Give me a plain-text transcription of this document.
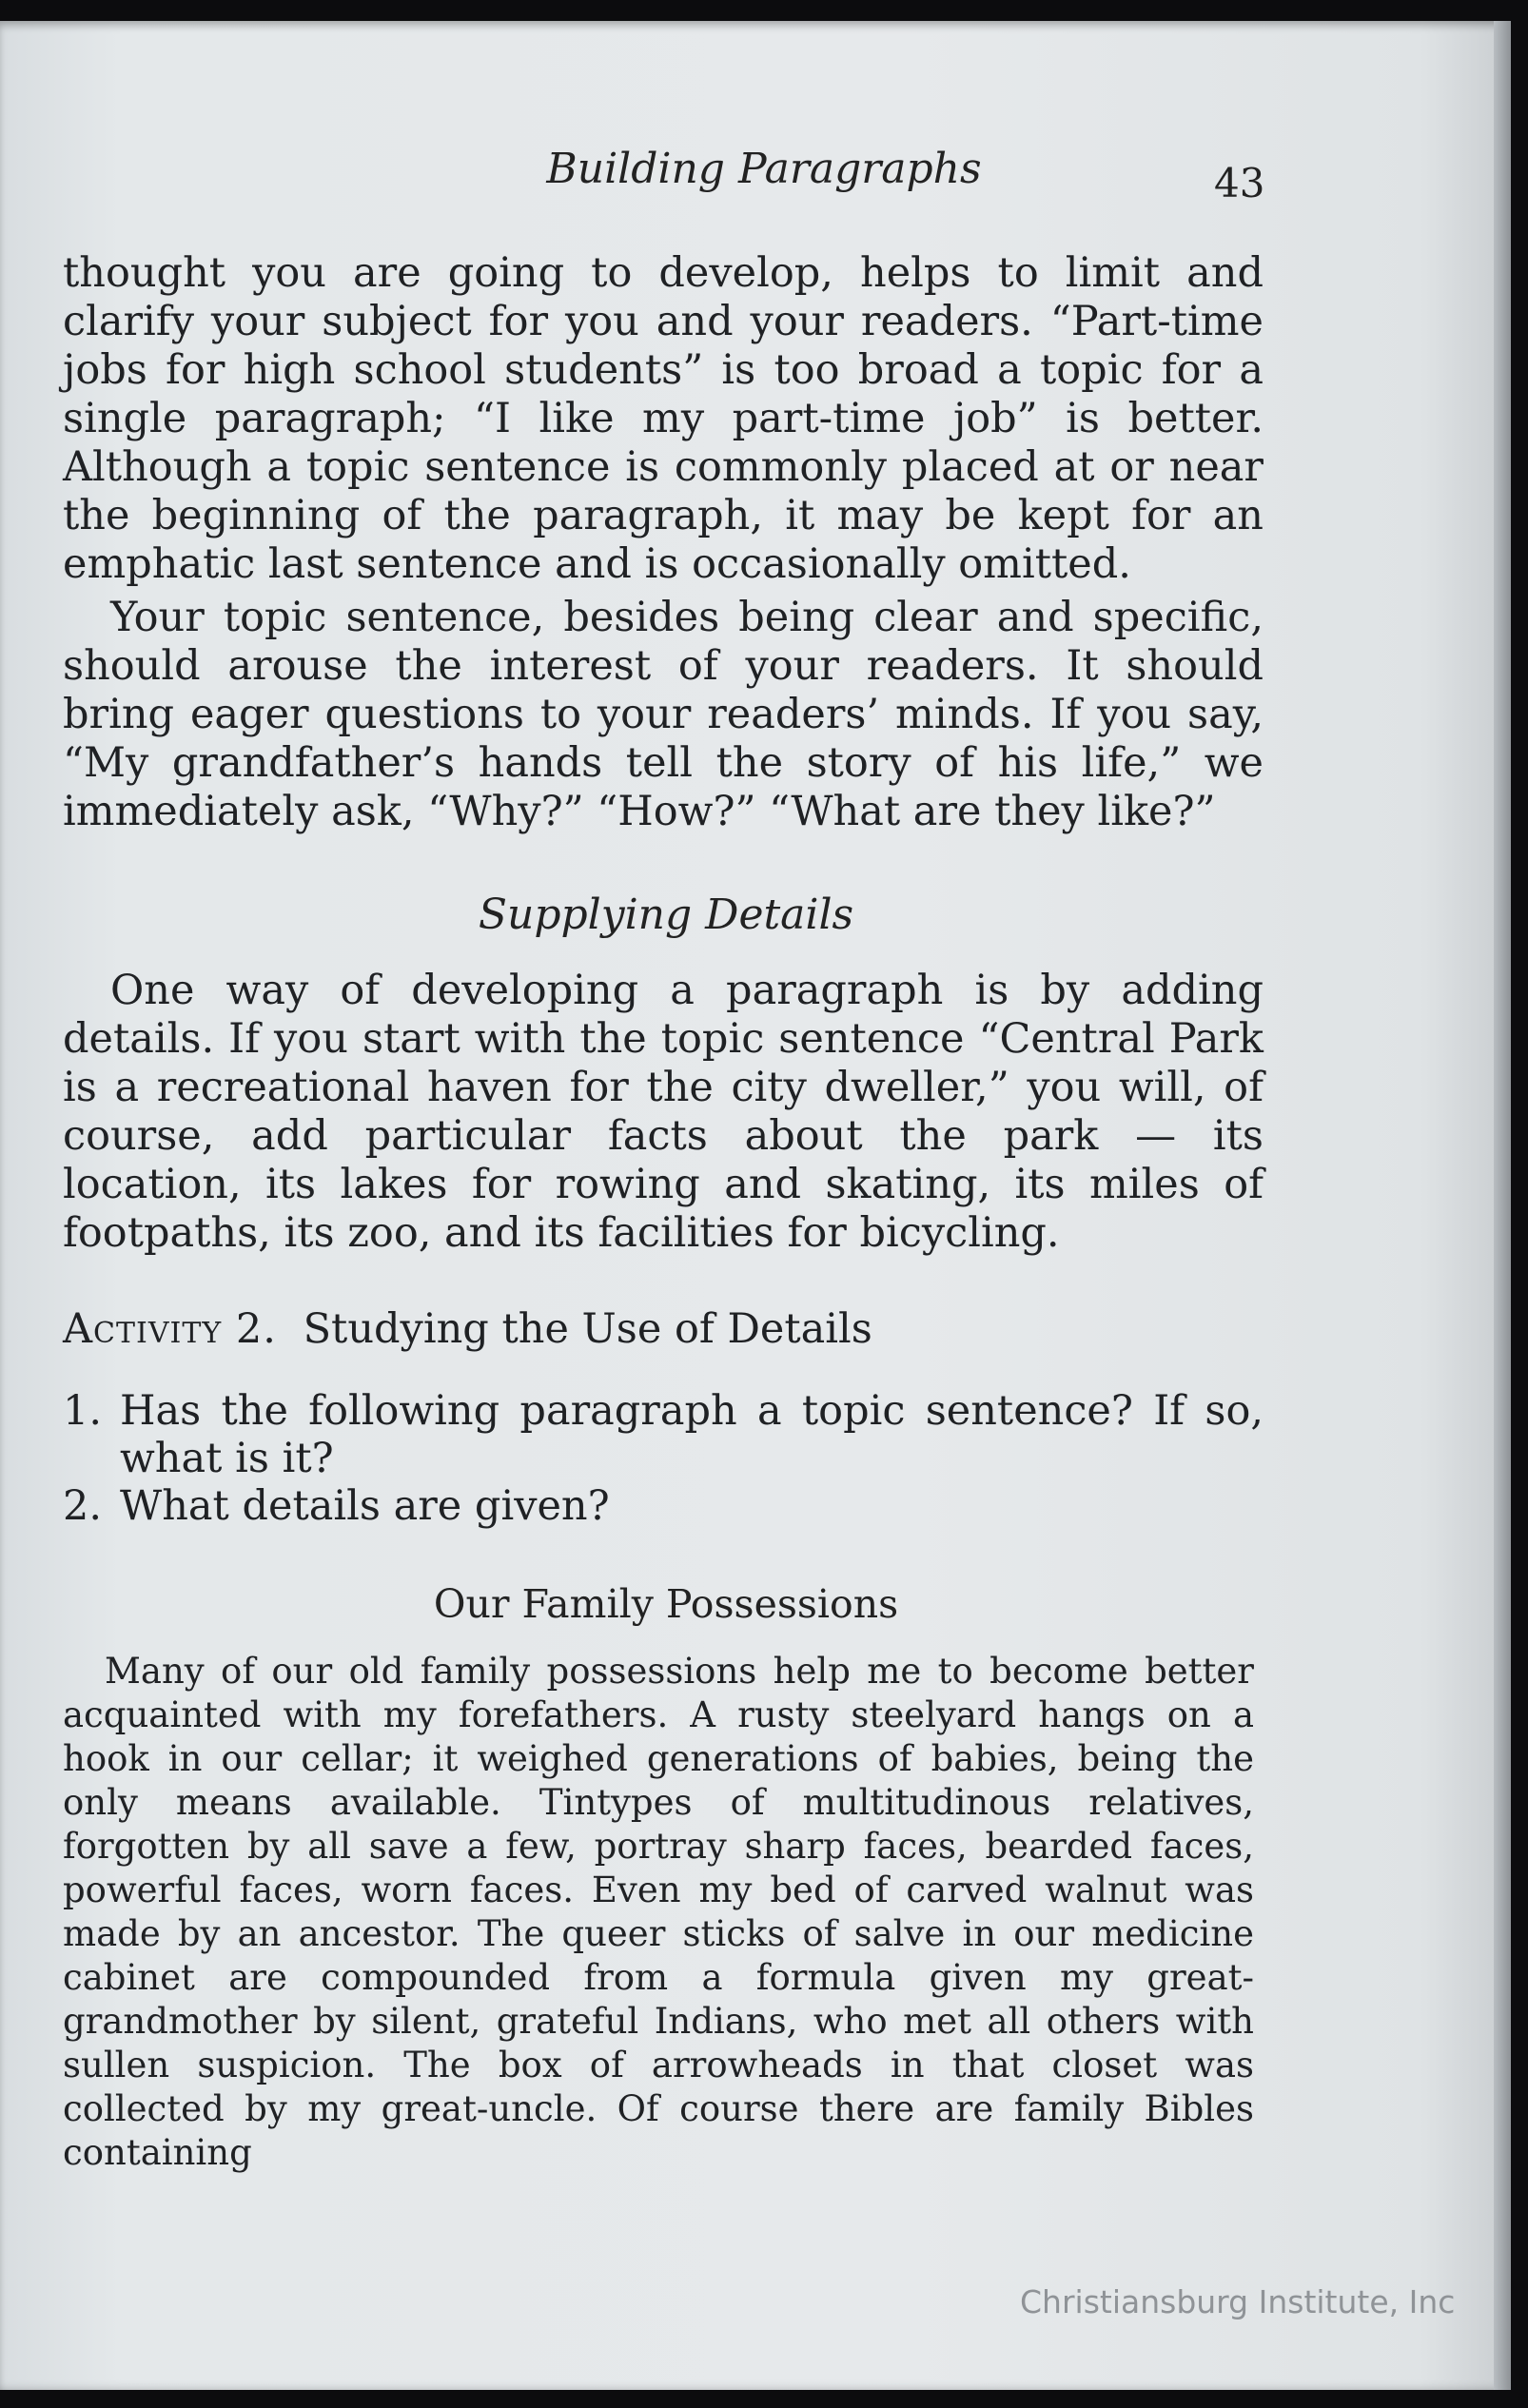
Building Paragraphs	43

thought you are going to develop, helps to limit and clarify your subject for you and your readers. “Part-time jobs for high school students” is too broad a topic for a single paragraph; “I like my part-time job” is better. Although a topic sentence is commonly placed at or near the beginning of the paragraph, it may be kept for an emphatic last sentence and is occasionally omitted.

Your topic sentence, besides being clear and specific, should arouse the interest of your readers. It should bring eager questions to your readers’ minds. If you say, “My grandfather’s hands tell the story of his life,” we immediately ask, “Why?” “How?” “What are they like?”

Supplying Details

One way of developing a paragraph is by adding details. If you start with the topic sentence “Central Park is a recreational haven for the city dweller,” you will, of course, add particular facts about the park — its location, its lakes for rowing and skating, its miles of footpaths, its zoo, and its facilities for bicycling.

Activity 2. Studying the Use of Details
1. Has the following paragraph a topic sentence? If so, what is it?
2. What details are given?
Our Family Possessions

Many of our old family possessions help me to become better acquainted with my forefathers. A rusty steelyard hangs on a hook in our cellar; it weighed generations of babies, being the only means available. Tintypes of multitudinous relatives, forgotten by all save a few, portray sharp faces, bearded faces, powerful faces, worn faces. Even my bed of carved walnut was made by an ancestor. The queer sticks of salve in our medicine cabinet are compounded from a formula given my great-grandmother by silent, grateful Indians, who met all others with sullen suspicion. The box of arrowheads in that closet was collected by my great-uncle. Of course there are family Bibles containing

Christiansburg Institute, Inc
